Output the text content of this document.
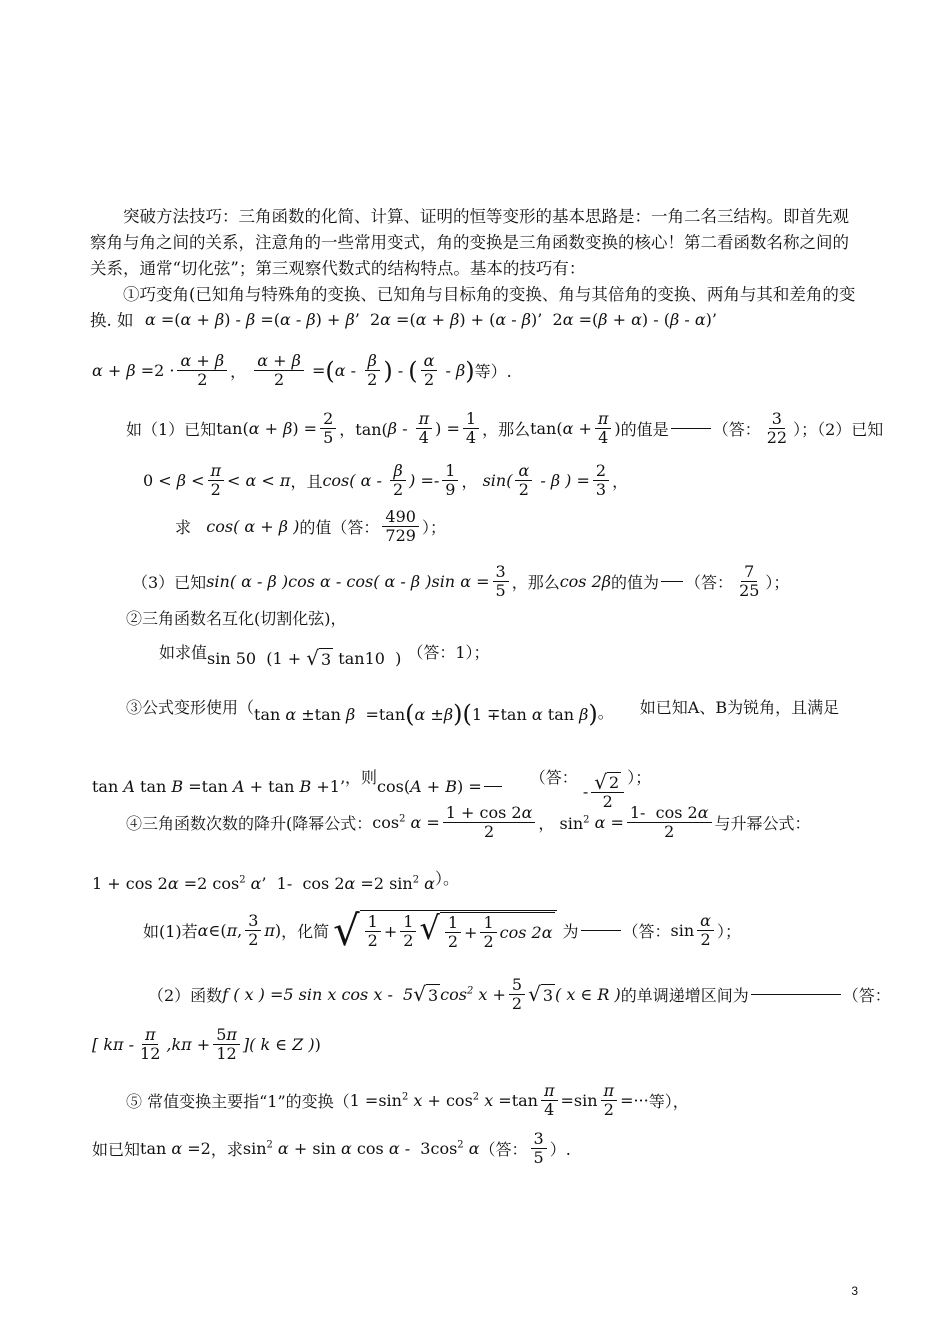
突破方法技巧：三角函数的化简、计算、证明的恒等变形的基本思路是：一角二名三结构。即首先观察角与角之间的关系，注意角的一些常用变式，角的变换是三角函数变换的核心！第二看函数名称之间的关系，通常“切化弦”；第三观察代数式的结构特点。基本的技巧有：
①巧变角(已知角与特殊角的变换、已知角与目标角的变换、角与其倍角的变换、两角与其和差角的变换. 如 α =( α + β ) - β =( α - β ) + β ’  2 α =( α + β ) + ( α - β )’  2 α =( β + α ) - ( β - α )’
$\alpha + \beta =2 \cdot \frac{\alpha + \beta}{2}$ ， $\frac{\alpha + \beta}{2}$ = ( α - $\frac{\beta}{2}$ ) - ( $\frac{\alpha}{2}$ - β ) 等）.
如（1）已知 tan( α + β ) = $\frac{2}{5}$ ，tan( β - $\frac{\pi}{4}$ ) = $\frac{1}{4}$ ，那么 tan( $\alpha + \frac{\pi}{4}$ ) 的值是	（答： $\frac{3}{22}$ ）；（2）已知
$0 < \beta < \frac{\pi}{2} < \alpha < \pi$ ，且 cos( α - $\frac{\beta}{2}$ ) =- $\frac{1}{9}$ ， $\sin( \frac{\alpha}{2}$ - β ) = $\frac{2}{3}$ ，
求 cos( α + β ) 的值（答： $\frac{490}{729}$ ）；
（3）已知 sin( α - β )cos α - cos( α - β )sin $\alpha = \frac{3}{5}$ ，那么 cos 2β 的值为 （答： $\frac{7}{25}$ ）；
②三角函数名互化(切割化弦)，
如求值 sin 50  (1 + √ 3 tan10  ) （答：1）；
③公式变形使用（ tan α ±tan β =tan ( α ± β )( 1 ∓tan α tan β ) 。 如已知A、B为锐角，且满足
tan A tan B =tan A + tan B +1’ ，则 cos( A + B ) =	（答：
- $\frac{√ 2}{2}$ ）；
④三角函数次数的降升(降幂公式： $\cos^2 \alpha = \frac{1 + \cos 2\alpha}{2}$ ， $\sin^2 \alpha = \frac{1- \cos 2\alpha}{2}$ 与升幂公式：
1 + cos 2 α =2 $\cos^2 \alpha$ ’  1-  cos 2 α =2 $\sin^2 \alpha$ ）。
如(1)若 α ∈( π , $\frac{3}{2}$ π ) ，化简 √ $\frac{1}{2} + \frac{1}{2}$ √ $\frac{1}{2} + \frac{1}{2}$ cos 2α 为	（答： $\sin \frac{\alpha}{2}$ ）；
（2）函数 f ( x ) =5 sin x cos x -  5 √ 3 $\cos^2 x + \frac{5}{2}$ √ 3 ( x ∈ R ) 的单调递增区间为	（答：
[ $k\pi - \frac{\pi}{12} ,k\pi + \frac{5\pi}{12}$ ]( k ∈ Z ) )
⑤ 常值变换主要指“1”的变换（ $1 =\sin^2$ $x + \cos^2 x =\tan \frac{\pi}{4} =\sin \frac{\pi}{2}$ =··· 等），
如已知 tan α =2 ，求 $\sin^2 \alpha + \sin \alpha$ cos α -  $3\cos^2$ α （答： $\frac{3}{5}$ ）.
3
